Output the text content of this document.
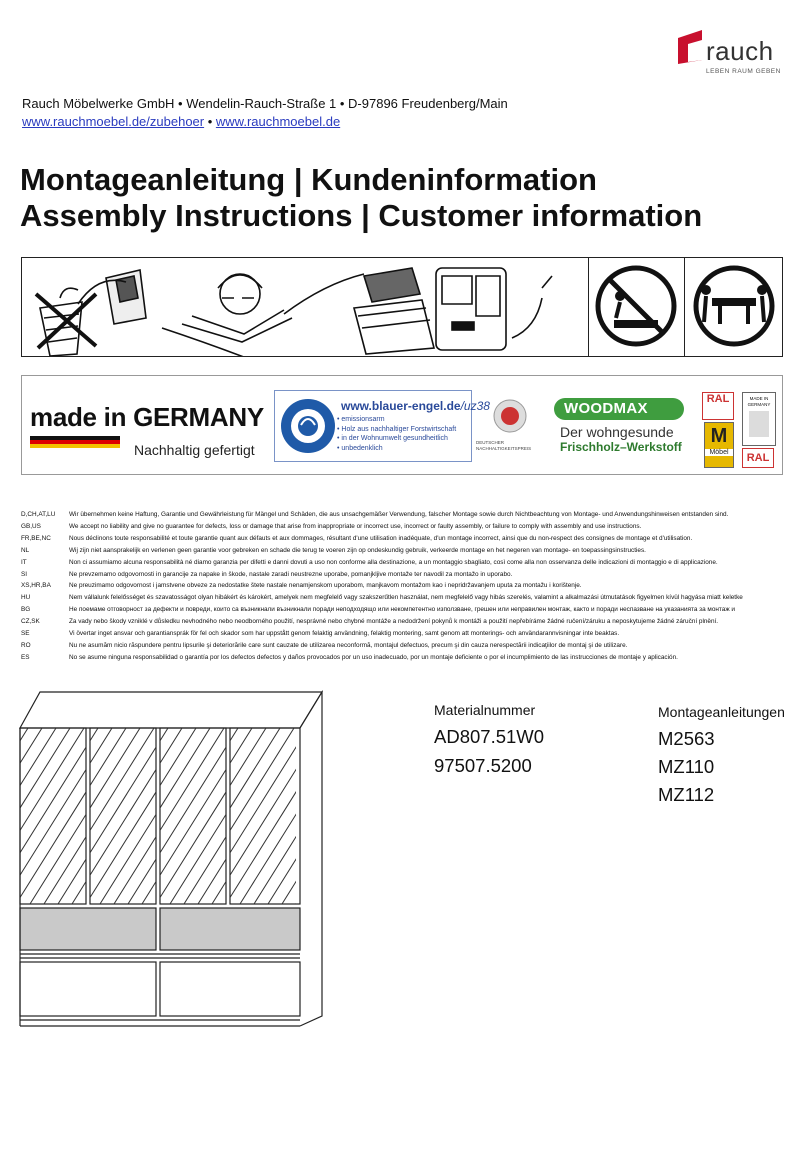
rauch
LEBEN RAUM GEBEN
Rauch Möbelwerke GmbH • Wendelin-Rauch-Straße 1 • D-97896 Freudenberg/Main
www.rauchmoebel.de/zubehoer • www.rauchmoebel.de
Montageanleitung | Kundeninformation
Assembly Instructions | Customer information
made in GERMANY
Nachhaltig gefertigt
www.blauer-engel.de/uz38
• emissionsarm
• Holz aus nachhaltiger Forstwirtschaft
• in der Wohnumwelt gesundheitlich
• unbedenklich
DEUTSCHER NACHHALTIGKEITSPREIS
WOODMAX
Der wohngesunde
Frischholz–Werkstoff
RAL
M
Möbel
MADE IN GERMANY
RAL
D,CH,AT,LU	Wir übernehmen keine Haftung, Garantie und Gewährleistung für Mängel und Schäden, die aus unsachgemäßer Verwendung, falscher Montage sowie durch Nichtbeachtung von Montage- und Anwendungshinweisen entstanden sind.
GB,US	We accept no liability and give no guarantee for defects, loss or damage that arise from inappropriate or incorrect use, incorrect or faulty assembly, or failure to comply with assembly and use instructions.
FR,BE,NC	Nous déclinons toute responsabilité et toute garantie quant aux défauts et aux dommages, résultant d'une utilisation inadéquate, d'un montage incorrect, ainsi que du non-respect des consignes de montage et d'utilisation.
NL	Wij zijn niet aansprakelijk en verlenen geen garantie voor gebreken en schade die terug te voeren zijn op ondeskundig gebruik, verkeerde montage en het negeren van montage- en toepassingsinstructies.
IT	Non ci assumiamo alcuna responsabilità né diamo garanzia per difetti e danni dovuti a uso non conforme alla destinazione, a un montaggio sbagliato, così come alla non osservanza delle indicazioni di montaggio e di applicazione.
SI	Ne prevzemamo odgovornosti in garancije za napake in škode, nastale zaradi neustrezne uporabe, pomanjkljive montaže ter navodil za montažo in uporabo.
XS,HR,BA	Ne preuzimamo odgovornost i jamstvene obveze za nedostatke štete nastale nenamjenskom uporabom, manjkavom montažom kao i nepridržavanjem uputa za montažu i korištenje.
HU	Nem vállalunk felelősséget és szavatosságot olyan hibákért és károkért, amelyek nem megfelelő vagy szakszerűtlen használat, nem megfelelő vagy hibás szerelés, valamint a alkalmazási útmutatások figyelmen kívül hagyása miatt keletke
BG	Не поемаме отговорност за дефекти и повреди, които са възникнали възникнали поради неподходящо или некомпетентно използване, грешен или неправилен монтаж, както и поради неспазване на указанията за монтаж и
CZ,SK	Za vady nebo škody vzniklé v důsledku nevhodného nebo neodborného použití, nesprávné nebo chybné montáže a nedodržení pokynů k montáži a použití nepřebíráme žádné ručení/záruku a neposkytujeme žádné záruční plnění.
SE	Vi övertar inget ansvar och garantiansprák för fel och skador som har uppstått genom felaktig användning, felaktig montering, samt genom att monterings- och användarannvisningar inte beaktas.
RO	Nu ne asumăm nicio răspundere pentru lipsurile şi deteriorările care sunt cauzate de utilizarea neconformă, montajul defectuos, precum şi din cauza nerespectării indicaţiilor de montaj şi de utilizare.
ES	No se asume ninguna responsabilidad o garantía por los defectos defectos y daños provocados por un uso inadecuado, por un montaje deficiente o por el incumplimiento de las instrucciones de montaje y aplicación.
Materialnummer
AD807.51W0
97507.5200
Montageanleitungen
M2563
MZ110
MZ112
